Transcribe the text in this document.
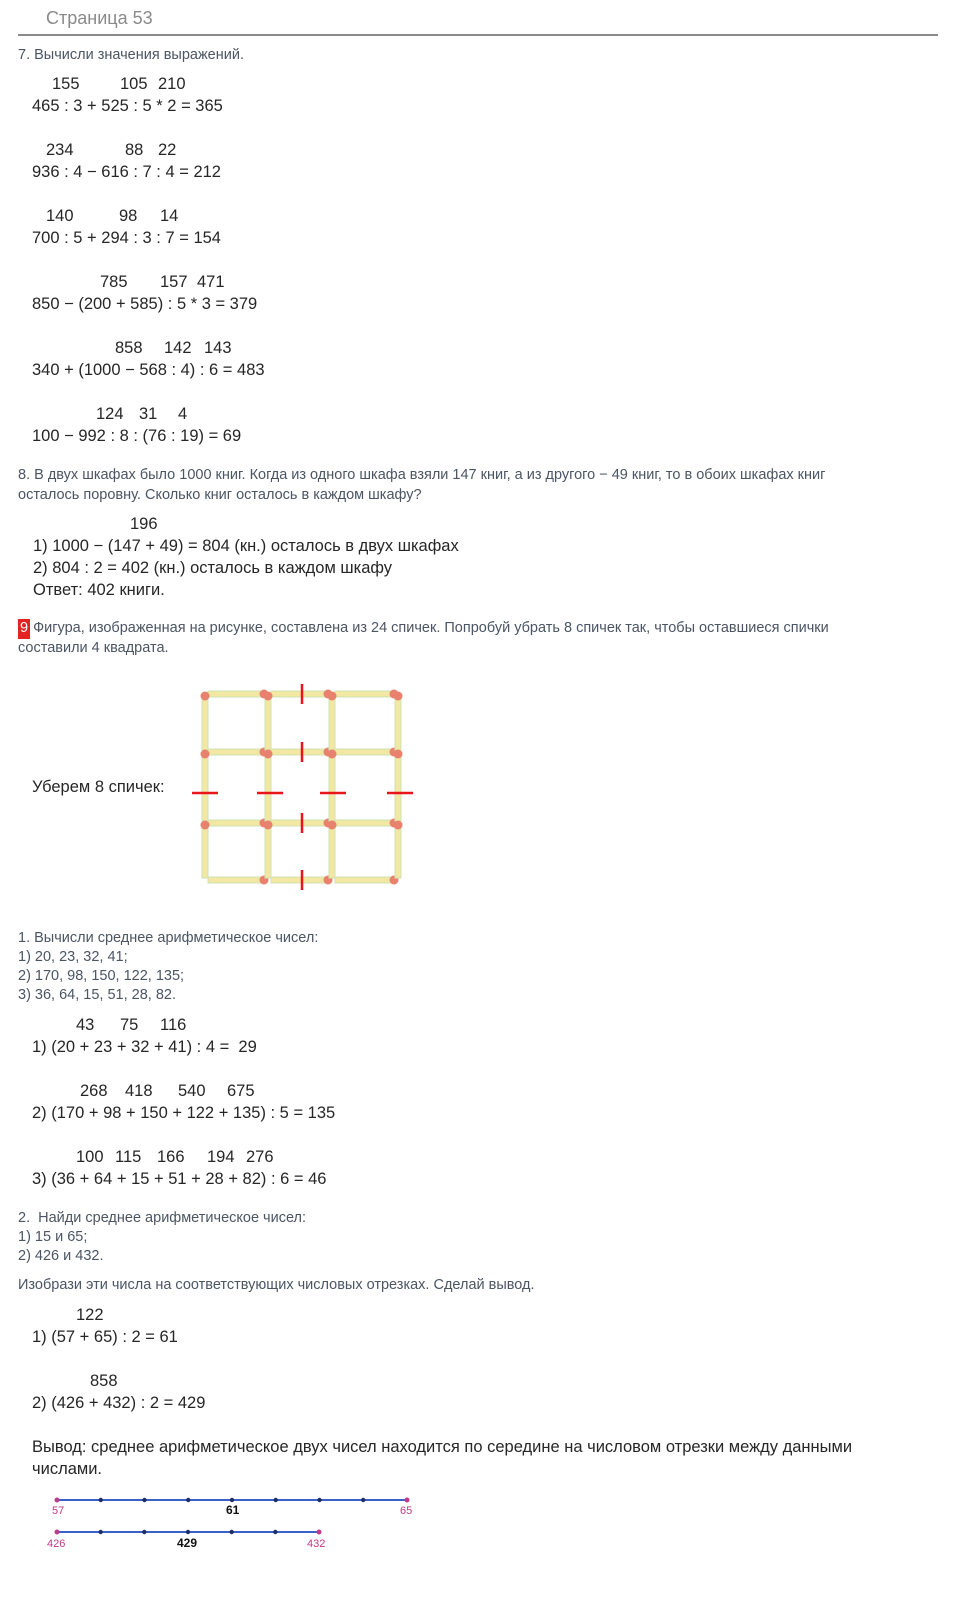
Страница 53
7. Вычисли значения выражений.
155 105 210
465 : 3 + 525 : 5 * 2 = 365
234	88 22
936 : 4 − 616 : 7 : 4 = 212
140	98 14
700 : 5 + 294 : 3 : 7 = 154
785 157 471
850 − (200 + 585) : 5 * 3 = 379
858 142 143
340 + (1000 − 568 : 4) : 6 = 483
124 31 4
100 − 992 : 8 : (76 : 19) = 69
8. В двух шкафах было 1000 книг. Когда из одного шкафа взяли 147 книг, а из другого − 49 книг, то в обоих шкафах книг
осталось поровну. Сколько книг осталось в каждом шкафу?
196
1) 1000 − (147 + 49) = 804 (кн.) осталось в двух шкафах
2) 804 : 2 = 402 (кн.) осталось в каждом шкафу
Ответ: 402 книги.
9 Фигура, изображенная на рисунке, составлена из 24 спичек. Попробуй убрать 8 спичек так, чтобы оставшиеся спички
составили 4 квадрата.
Уберем 8 спичек:
1. Вычисли среднее арифметическое чисел:
1) 20, 23, 32, 41;
2) 170, 98, 150, 122, 135;
3) 36, 64, 15, 51, 28, 82.
43 75 116
1) (20 + 23 + 32 + 41) : 4 =  29
268 418 540 675
2) (170 + 98 + 150 + 122 + 135) : 5 = 135
100 115 166 194 276
3) (36 + 64 + 15 + 51 + 28 + 82) : 6 = 46
2.  Найди среднее арифметическое чисел:
1) 15 и 65;
2) 426 и 432.
Изобрази эти числа на соответствующих числовых отрезках. Сделай вывод.
122
1) (57 + 65) : 2 = 61
858
2) (426 + 432) : 2 = 429
Вывод: среднее арифметическое двух чисел находится по середине на числовом отрезки между данными
числами.
57	61	65
426	429	432
